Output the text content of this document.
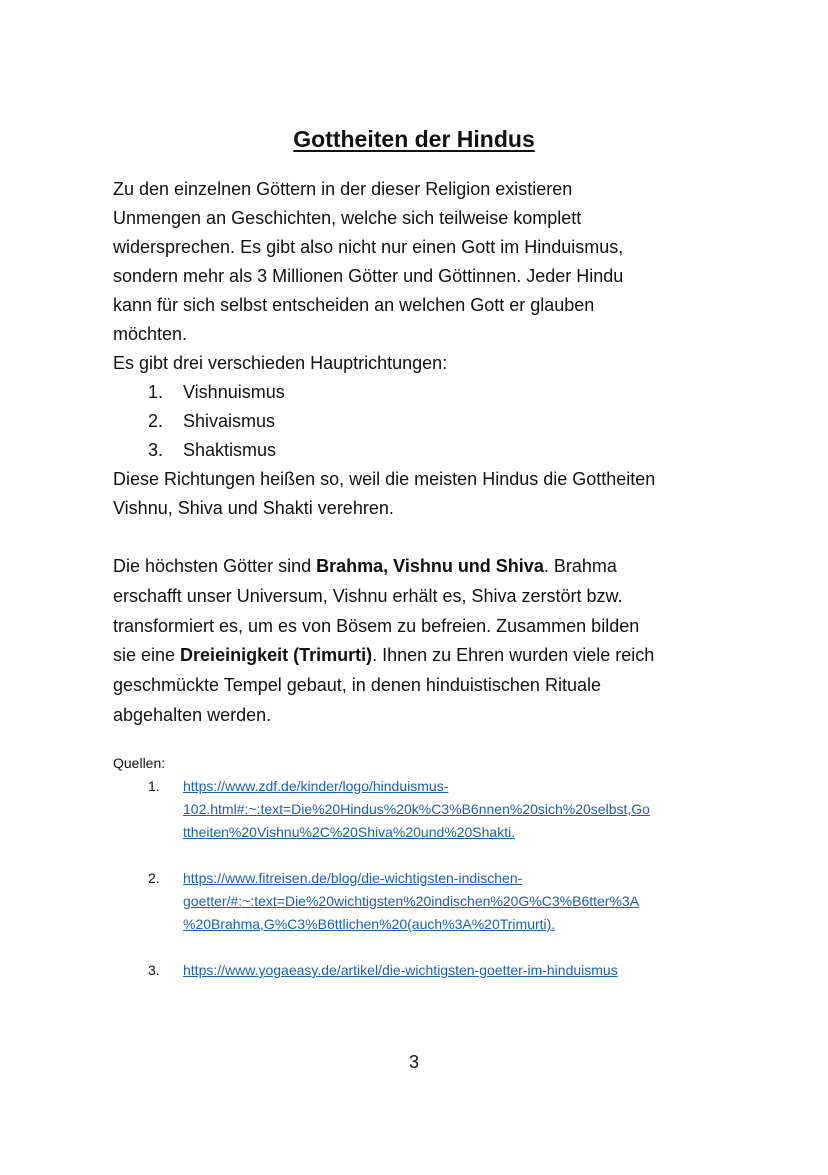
Gottheiten der Hindus

Zu den einzelnen Göttern in der dieser Religion existieren

Unmengen an Geschichten, welche sich teilweise komplett

widersprechen. Es gibt also nicht nur einen Gott im Hinduismus,

sondern mehr als 3 Millionen Götter und Göttinnen. Jeder Hindu

kann für sich selbst entscheiden an welchen Gott er glauben

möchten.

Es gibt drei verschieden Hauptrichtungen:

1.	Vishnuismus
2.	Shivaismus
3.	Shaktismus

Diese Richtungen heißen so, weil die meisten Hindus die Gottheiten

Vishnu, Shiva und Shakti verehren.

Die höchsten Götter sind Brahma, Vishnu und Shiva. Brahma

erschafft unser Universum, Vishnu erhält es, Shiva zerstört bzw.

transformiert es, um es von Bösem zu befreien. Zusammen bilden

sie eine Dreieinigkeit (Trimurti). Ihnen zu Ehren wurden viele reich

geschmückte Tempel gebaut, in denen hinduistischen Rituale

abgehalten werden.

Quellen:

1.	https://www.zdf.de/kinder/logo/hinduismus-
102.html#:~:text=Die%20Hindus%20k%C3%B6nnen%20sich%20selbst,Go
ttheiten%20Vishnu%2C%20Shiva%20und%20Shakti.
2.	https://www.fitreisen.de/blog/die-wichtigsten-indischen-
goetter/#:~:text=Die%20wichtigsten%20indischen%20G%C3%B6tter%3A
%20Brahma,G%C3%B6ttlichen%20(auch%3A%20Trimurti).
3.	https://www.yogaeasy.de/artikel/die-wichtigsten-goetter-im-hinduismus
3
